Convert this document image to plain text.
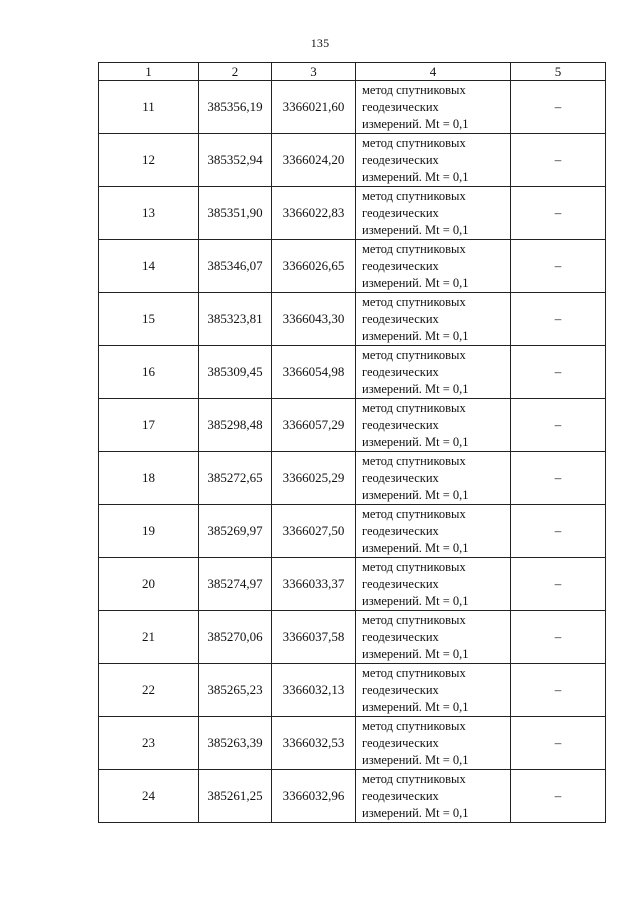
135
1	2	3	4	5
11	385356,19	3366021,60	метод спутниковых
геодезических
измерений. Mt = 0,1	–
12	385352,94	3366024,20	метод спутниковых
геодезических
измерений. Mt = 0,1	–
13	385351,90	3366022,83	метод спутниковых
геодезических
измерений. Mt = 0,1	–
14	385346,07	3366026,65	метод спутниковых
геодезических
измерений. Mt = 0,1	–
15	385323,81	3366043,30	метод спутниковых
геодезических
измерений. Mt = 0,1	–
16	385309,45	3366054,98	метод спутниковых
геодезических
измерений. Mt = 0,1	–
17	385298,48	3366057,29	метод спутниковых
геодезических
измерений. Mt = 0,1	–
18	385272,65	3366025,29	метод спутниковых
геодезических
измерений. Mt = 0,1	–
19	385269,97	3366027,50	метод спутниковых
геодезических
измерений. Mt = 0,1	–
20	385274,97	3366033,37	метод спутниковых
геодезических
измерений. Mt = 0,1	–
21	385270,06	3366037,58	метод спутниковых
геодезических
измерений. Mt = 0,1	–
22	385265,23	3366032,13	метод спутниковых
геодезических
измерений. Mt = 0,1	–
23	385263,39	3366032,53	метод спутниковых
геодезических
измерений. Mt = 0,1	–
24	385261,25	3366032,96	метод спутниковых
геодезических
измерений. Mt = 0,1	–
